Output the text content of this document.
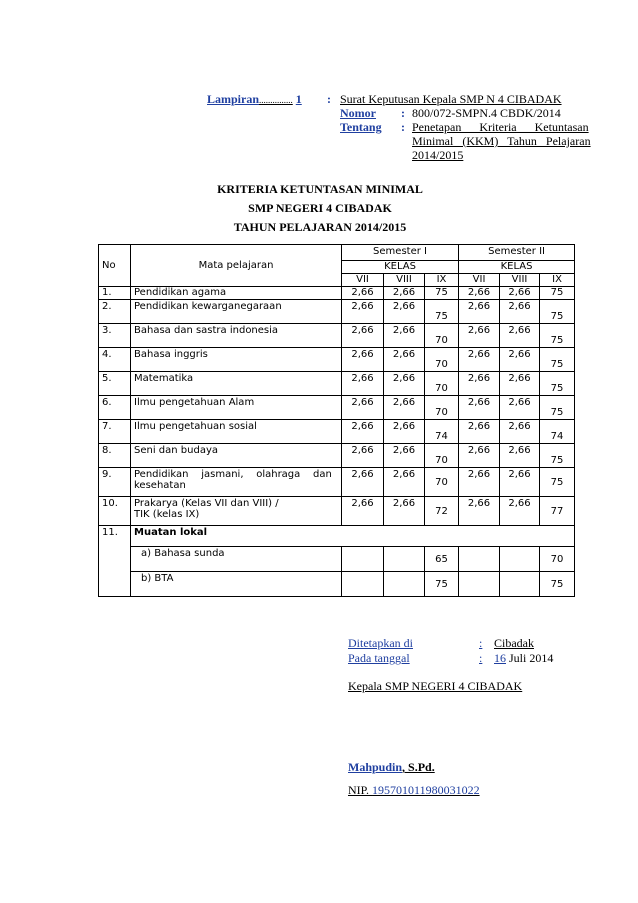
Lampiran............... 1 : Surat Keputusan Kepala SMP N 4 CIBADAK
Nomor : 800/072-SMPN.4 CBDK/2014
Tentang : Penetapan      Kriteria      Ketuntasan
Minimal   (KKM)   Tahun   Pelajaran
2014/2015
KRITERIA KETUNTASAN MINIMAL
SMP NEGERI 4 CIBADAK
TAHUN PELAJARAN 2014/2015
No	Mata pelajaran	Semester I			Semester II		
		KELAS			KELAS		
		VII	VIII	IX	VII	VIII	IX
1.	Pendidikan agama	2,66	2,66	75	2,66	2,66	75
2.	Pendidikan kewarganegaraan	2,66	2,66	75	2,66	2,66	75
3.	Bahasa dan sastra indonesia	2,66	2,66	70	2,66	2,66	75
4.	Bahasa inggris	2,66	2,66	70	2,66	2,66	75
5.	Matematika	2,66	2,66	70	2,66	2,66	75
6.	Ilmu pengetahuan Alam	2,66	2,66	70	2,66	2,66	75
7.	Ilmu pengetahuan sosial	2,66	2,66	74	2,66	2,66	74
8.	Seni dan budaya	2,66	2,66	70	2,66	2,66	75
9.	Pendidikan    jasmani,    olahraga    dan
kesehatan	2,66	2,66	70	2,66	2,66	75
10.	Prakarya (Kelas VII dan VIII) /
TIK (kelas IX)	2,66	2,66	72	2,66	2,66	77
11.	Muatan lokal						
	a) Bahasa sunda			65			70
	b) BTA			75			75
Ditetapkan di	: Cibadak
Pada tanggal	: 16 Juli 2014
Kepala SMP NEGERI 4 CIBADAK
Mahpudin, S.Pd.
NIP. 195701011980031022
